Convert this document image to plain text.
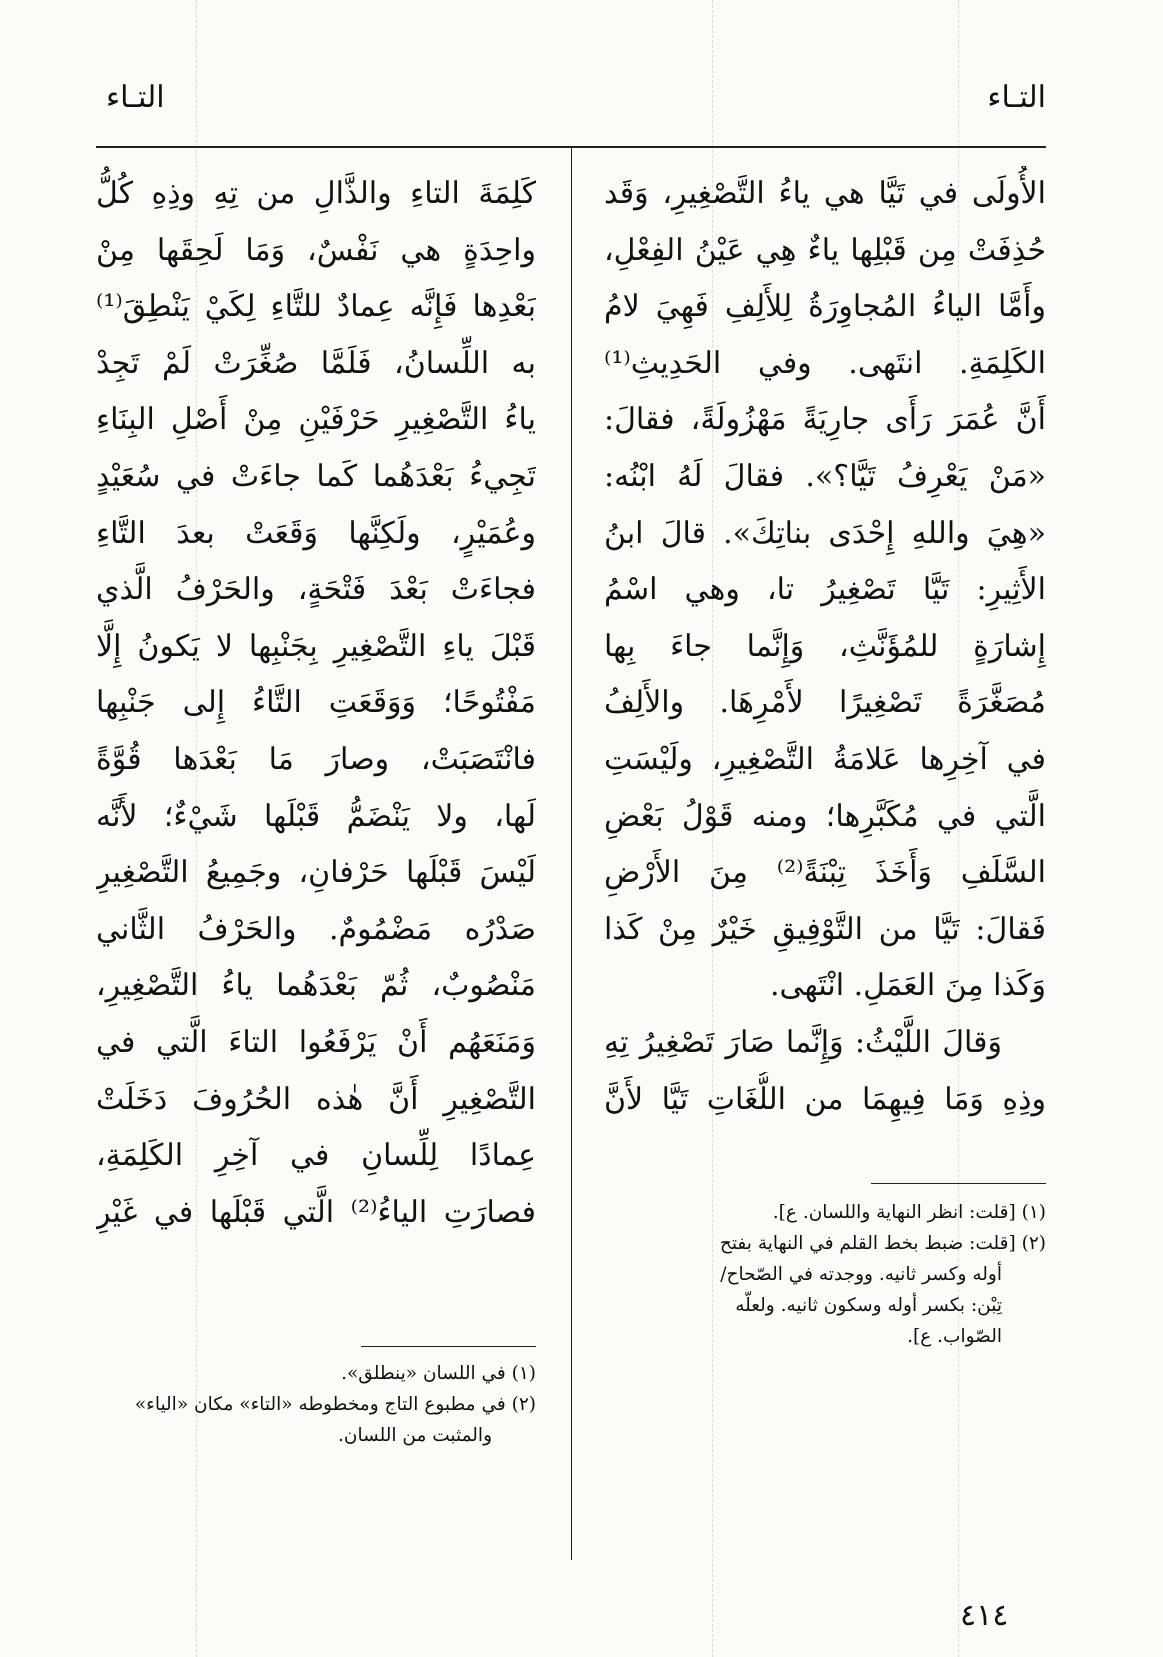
التـاء
التـاء
الأُولَى في تَيَّا هي ياءُ التَّصْغِيرِ، وَقَد
حُذِفَتْ مِن قَبْلِها ياءٌ هِي عَيْنُ الفِعْلِ،
وأَمَّا الياءُ المُجاوِرَةُ لِلأَلِفِ فَهِيَ لامُ
الكَلِمَةِ. انتَهى. وفي الحَدِيثِ⁽¹⁾
أَنَّ عُمَرَ رَأَى جارِيَةً مَهْزُولَةً، فقالَ:
«مَنْ يَعْرِفُ تَيَّا؟». فقالَ لَهُ ابْنُه:
«هِيَ واللهِ إِحْدَى بناتِكَ». قالَ ابنُ
الأَثِيرِ: تَيَّا تَصْغِيرُ تا، وهي اسْمُ
إِشارَةٍ للمُؤَنَّثِ، وَإِنَّما جاءَ بِها
مُصَغَّرَةً تَصْغِيرًا لأَمْرِهَا. والأَلِفُ
في آخِرِها عَلامَةُ التَّصْغِيرِ، ولَيْسَتِ
الَّتي في مُكَبَّرِها؛ ومنه قَوْلُ بَعْضِ
السَّلَفِ وَأَخَذَ تِبْنَةً⁽²⁾ مِنَ الأَرْضِ
فَقالَ: تَيَّا من التَّوْفِيقِ خَيْرٌ مِنْ كَذا
وَكَذا مِنَ العَمَلِ. انْتَهى.
وَقالَ اللَّيْثُ: وَإِنَّما صَارَ تَصْغِيرُ تِهِ
وذِهِ وَمَا فِيهِمَا من اللُّغَاتِ تَيَّا لأَنَّ
(١) [قلت: انظر النهاية واللسان. ع].
(٢) [قلت: ضبط بخط القلم في النهاية بفتح
أوله وكسر ثانيه. ووجدته في الصّحاح/
تِبْن: بكسر أوله وسكون ثانيه. ولعلّه
الصّواب. ع].
كَلِمَةَ التاءِ والذَّالِ من تِهِ وذِهِ كُلُّ
واحِدَةٍ هي نَفْسٌ، وَمَا لَحِقَها مِنْ
بَعْدِها فَإِنَّه عِمادٌ للتَّاءِ لِكَيْ يَنْطِقَ⁽¹⁾
به اللِّسانُ، فَلَمَّا صُغِّرَتْ لَمْ تَجِدْ
ياءُ التَّصْغِيرِ حَرْفَيْنِ مِنْ أَصْلِ البِنَاءِ
تَجِيءُ بَعْدَهُما كَما جاءَتْ في سُعَيْدٍ
وعُمَيْرٍ، ولَكِنَّها وَقَعَتْ بعدَ التَّاءِ
فجاءَتْ بَعْدَ فَتْحَةٍ، والحَرْفُ الَّذي
قَبْلَ ياءِ التَّصْغِيرِ بِجَنْبِها لا يَكونُ إِلَّا
مَفْتُوحًا؛ وَوَقَعَتِ التَّاءُ إِلى جَنْبِها
فانْتَصَبَتْ، وصارَ مَا بَعْدَها قُوَّةً
لَها، ولا يَنْضَمُّ قَبْلَها شَيْءٌ؛ لأَنَّه
لَيْسَ قَبْلَها حَرْفانِ، وجَمِيعُ التَّصْغِيرِ
صَدْرُه مَضْمُومٌ. والحَرْفُ الثَّاني
مَنْصُوبٌ، ثُمّ بَعْدَهُما ياءُ التَّصْغِيرِ،
وَمَنَعَهُم أَنْ يَرْفَعُوا التاءَ الَّتي في
التَّصْغِيرِ أَنَّ هٰذه الحُرُوفَ دَخَلَتْ
عِمادًا لِلِّسانِ في آخِرِ الكَلِمَةِ،
فصارَتِ الياءُ⁽²⁾ الَّتي قَبْلَها في غَيْرِ
(١) في اللسان «ينطلق».
(٢) في مطبوع التاج ومخطوطه «التاء» مكان «الياء»
والمثبت من اللسان.
٤١٤
